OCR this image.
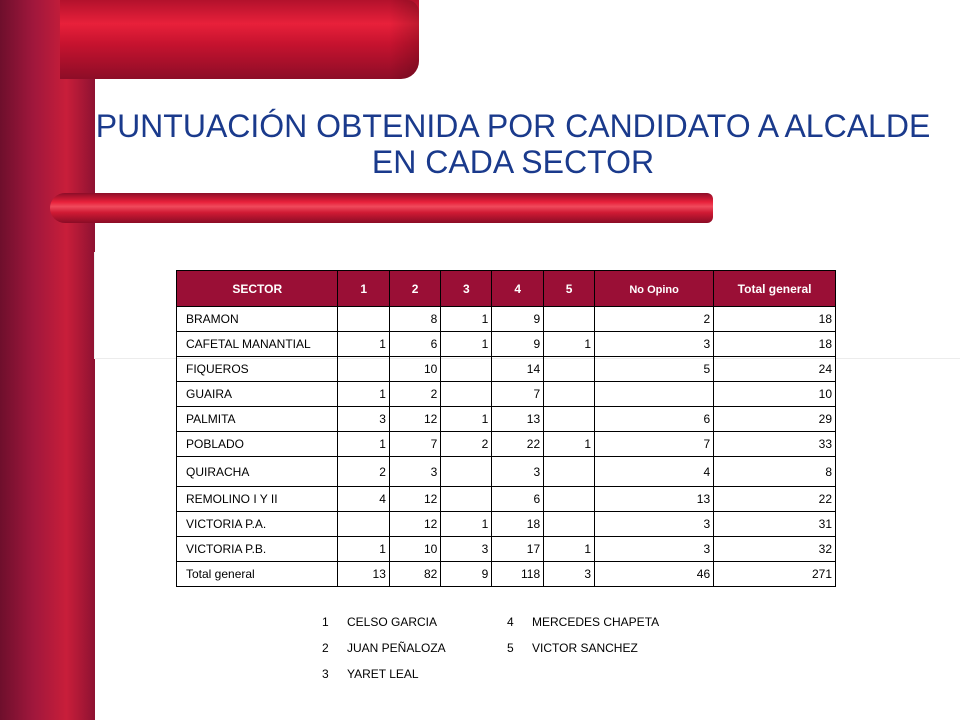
PUNTUACIÓN OBTENIDA POR CANDIDATO A ALCALDE
EN CADA SECTOR
SECTOR	1	2	3	4	5	No Opino	Total general
BRAMON		8	1	9		2	18
CAFETAL MANANTIAL	1	6	1	9	1	3	18
FIQUEROS		10		14		5	24
GUAIRA	1	2		7			10
PALMITA	3	12	1	13		6	29
POBLADO	1	7	2	22	1	7	33
QUIRACHA	2	3		3		4	8
REMOLINO I Y II	4	12		6		13	22
VICTORIA P.A.		12	1	18		3	31
VICTORIA P.B.	1	10	3	17	1	3	32
Total general	13	82	9	118	3	46	271
1	CELSO GARCIA
2	JUAN PEÑALOZA
3	YARET LEAL
4	MERCEDES CHAPETA
5	VICTOR SANCHEZ
